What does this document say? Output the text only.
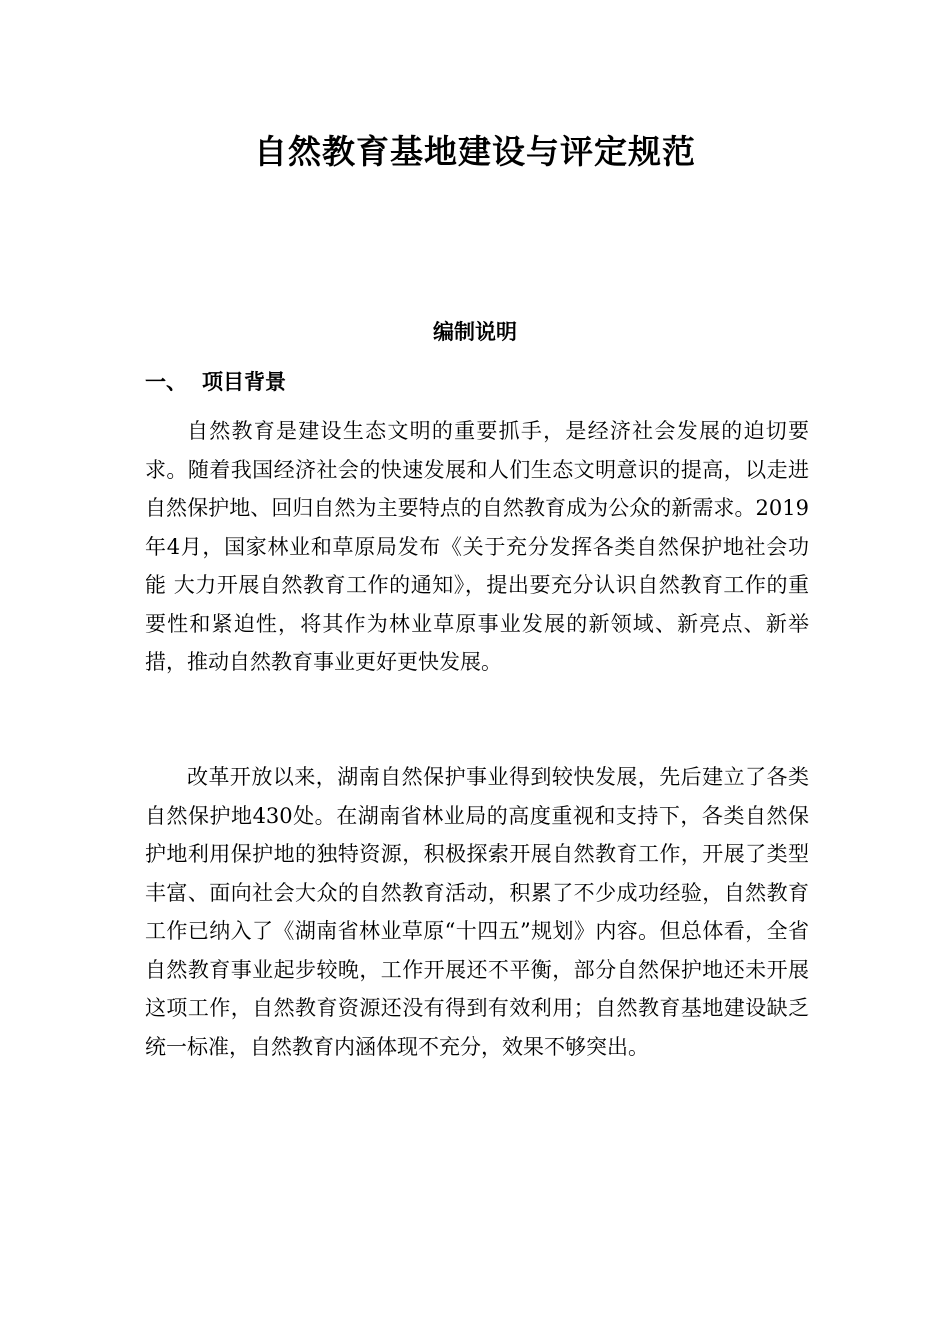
自然教育基地建设与评定规范
编制说明
一、 项目背景

自然教育是建设生态文明的重要抓手，是经济社会发展的迫切要求。随着我国经济社会的快速发展和人们生态文明意识的提高，以走进自然保护地、回归自然为主要特点的自然教育成为公众的新需求。2019年4月，国家林业和草原局发布《关于充分发挥各类自然保护地社会功能 大力开展自然教育工作的通知》，提出要充分认识自然教育工作的重要性和紧迫性，将其作为林业草原事业发展的新领域、新亮点、新举措，推动自然教育事业更好更快发展。

改革开放以来，湖南自然保护事业得到较快发展，先后建立了各类自然保护地430处。在湖南省林业局的高度重视和支持下，各类自然保护地利用保护地的独特资源，积极探索开展自然教育工作，开展了类型丰富、面向社会大众的自然教育活动，积累了不少成功经验，自然教育工作已纳入了《湖南省林业草原“十四五”规划》内容。但总体看，全省自然教育事业起步较晚，工作开展还不平衡，部分自然保护地还未开展这项工作，自然教育资源还没有得到有效利用；自然教育基地建设缺乏统一标准，自然教育内涵体现不充分，效果不够突出。
